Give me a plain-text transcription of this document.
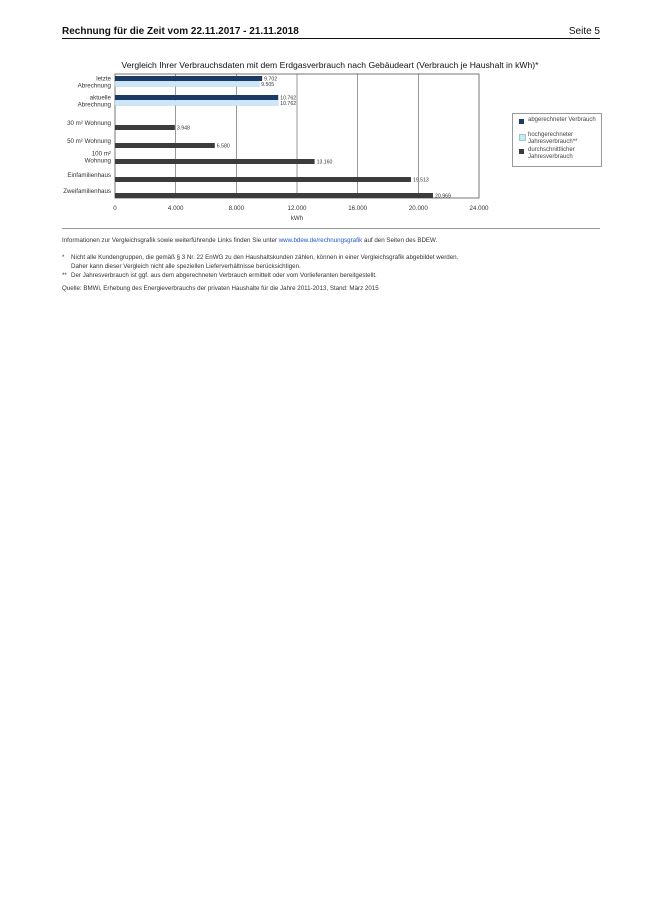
Rechnung für die Zeit vom 22.11.2017 - 21.11.2018	Seite 5
Vergleich Ihrer Verbrauchsdaten mit dem Erdgasverbrauch nach Gebäudeart (Verbrauch je Haushalt in kWh)*
0	4.000	8.000	12.000	16.000	20.000	24.000
kWh
letzte
Abrechnung
aktuelle
Abrechnung
30 m² Wohnung
50 m² Wohnung
100 m²
Wohnung
Einfamilienhaus
Zweifamilienhaus
9.702
9.505
10.762
10.762
3.948
6.580
13.160
19.513
20.969
abgerechneter Verbrauch
hochgerechneter Jahresverbrauch**
durchschnittlicher Jahresverbrauch
Informationen zur Vergleichsgrafik sowie weiterführende Links finden Sie unter www.bdew.de/rechnungsgrafik auf den Seiten des BDEW.
* Nicht alle Kundengruppen, die gemäß § 3 Nr. 22 EnWG zu den Haushaltskunden zählen, können in einer Vergleichsgrafik abgebildet werden.
Daher kann dieser Vergleich nicht alle speziellen Lieferverhältnisse berücksichtigen.
** Der Jahresverbrauch ist ggf. aus dem abgerechneten Verbrauch ermittelt oder vom Vorlieferanten bereitgestellt.
Quelle: BMWi, Erhebung des Energieverbrauchs der privaten Haushalte für die Jahre 2011-2013, Stand: März 2015
